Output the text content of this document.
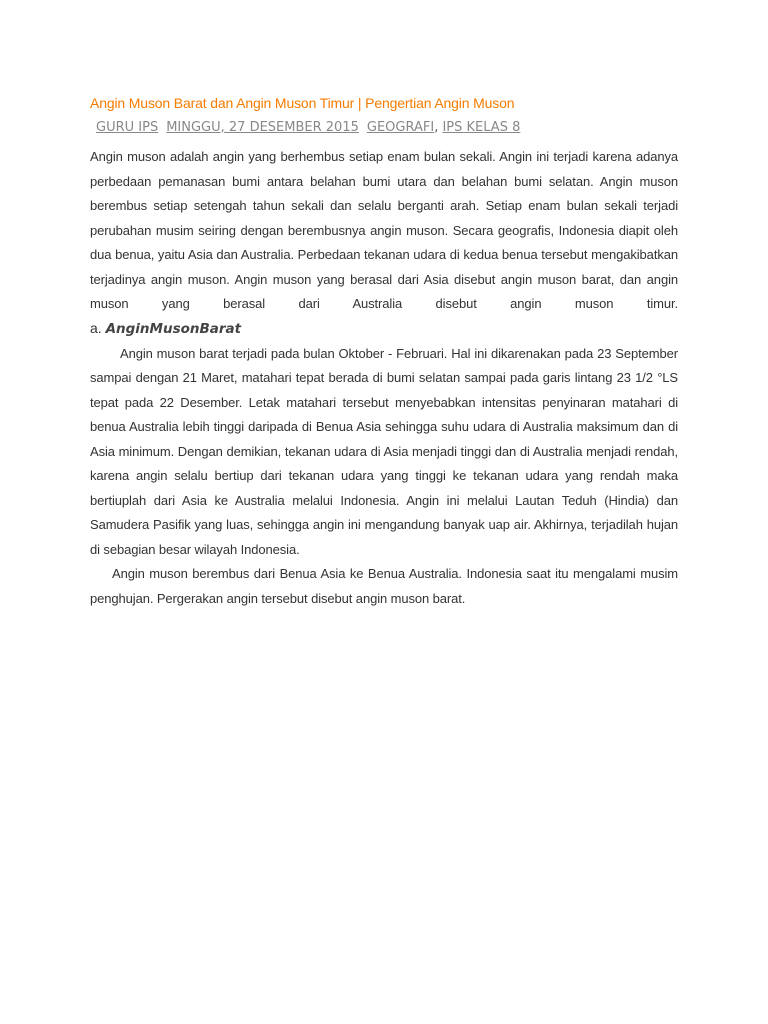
Angin Muson Barat dan Angin Muson Timur | Pengertian Angin Muson
GURU IPS MINGGU, 27 DESEMBER 2015 GEOGRAFI, IPS KELAS 8

Angin muson adalah angin yang berhembus setiap enam bulan sekali. Angin ini terjadi karena adanya perbedaan pemanasan bumi antara belahan bumi utara dan belahan bumi selatan. Angin muson berembus setiap setengah tahun sekali dan selalu berganti arah. Setiap enam bulan sekali terjadi perubahan musim seiring dengan berembusnya angin muson. Secara geografis, Indonesia diapit oleh dua benua, yaitu Asia dan Australia. Perbedaan tekanan udara di kedua benua tersebut mengakibatkan terjadinya angin muson. Angin muson yang berasal dari Asia disebut angin muson barat, dan angin muson yang berasal dari Australia disebut angin muson timur.

a. AnginMusonBarat

Angin muson barat terjadi pada bulan Oktober - Februari. Hal ini dikarenakan pada 23 September sampai dengan 21 Maret, matahari tepat berada di bumi selatan sampai pada garis lintang 23 1/2 °LS tepat pada 22 Desember. Letak matahari tersebut menyebabkan intensitas penyinaran matahari di benua Australia lebih tinggi daripada di Benua Asia sehingga suhu udara di Australia maksimum dan di Asia minimum. Dengan demikian, tekanan udara di Asia menjadi tinggi dan di Australia menjadi rendah, karena angin selalu bertiup dari tekanan udara yang tinggi ke tekanan udara yang rendah maka bertiuplah dari Asia ke Australia melalui Indonesia. Angin ini melalui Lautan Teduh (Hindia) dan Samudera Pasifik yang luas, sehingga angin ini mengandung banyak uap air. Akhirnya, terjadilah hujan di sebagian besar wilayah Indonesia.

Angin muson berembus dari Benua Asia ke Benua Australia. Indonesia saat itu mengalami musim penghujan. Pergerakan angin tersebut disebut angin muson barat.
